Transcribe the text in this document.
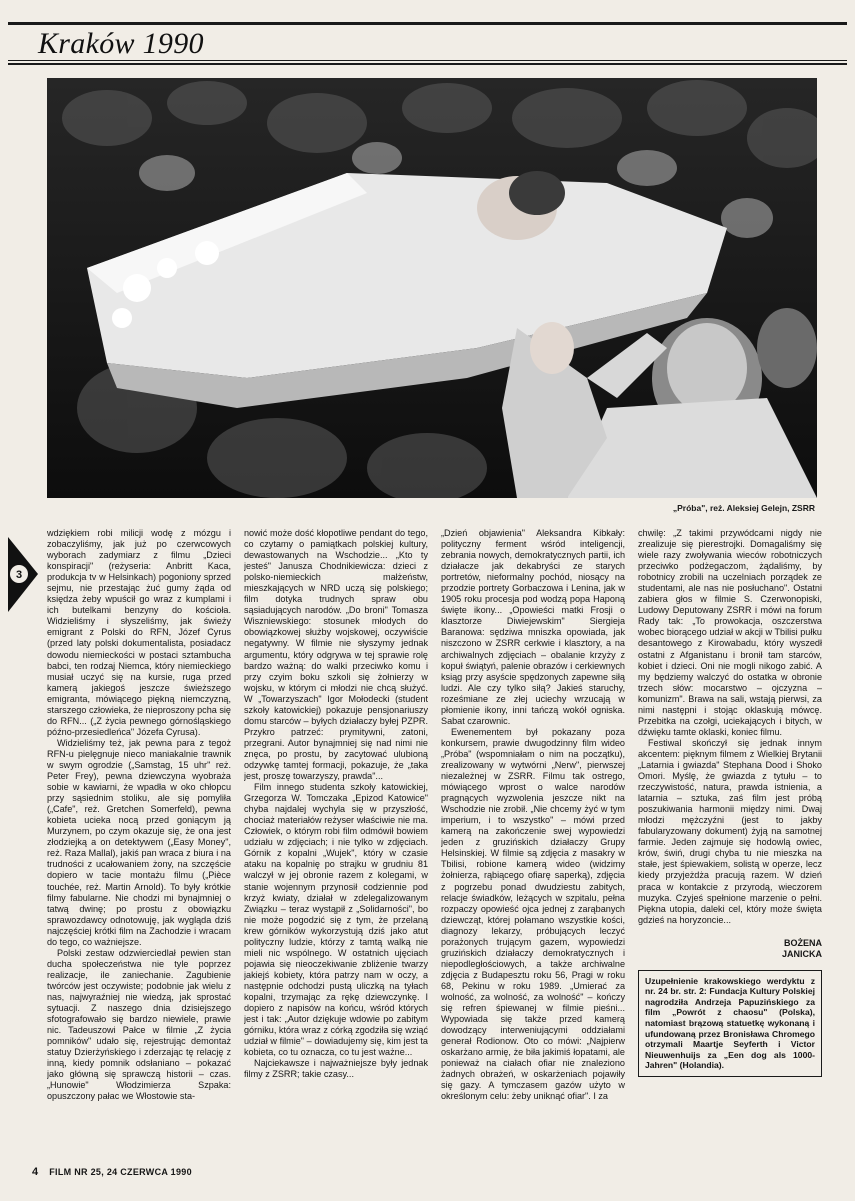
Kraków 1990
„Próba", reż. Aleksiej Gelejn, ZSRR
3

wdziękiem robi milicji wodę z mózgu i zobaczyliśmy, jak już po czerwcowych wyborach zadymiarz z filmu „Dzieci konspiracji" (reżyseria: Anbritt Kaca, produkcja tv w Helsinkach) pogoniony sprzed sejmu, nie przestając żuć gumy żąda od księdza żeby wpuścił go wraz z kumplami i ich butelkami benzyny do kościoła. Widzieliśmy i słyszeliśmy, jak świeży emigrant z Polski do RFN, Józef Cyrus (przed laty polski dokumentalista, posiadacz dowodu niemieckości w postaci sztambucha babci, ten rodzaj Niemca, który niemieckiego musiał uczyć się na kursie, ruga przed kamerą jakiegoś jeszcze świeższego emigranta, mówiącego piękną niemczyzną, starszego człowieka, że nieproszony pcha się do RFN... („Z życia pewnego górnośląskiego późno-przesiedleńca" Józefa Cyrusa).

Widzieliśmy też, jak pewna para z tegoż RFN-u pielęgnuje nieco maniakalnie trawnik w swym ogrodzie („Samstag, 15 uhr" reż. Peter Frey), pewna dziewczyna wyobraża sobie w kawiarni, że wpadła w oko chłopcu przy sąsiednim stoliku, ale się pomyliła („Cafe", reż. Gretchen Somerfeld), pewna kobieta ucieka nocą przed goniącym ją Murzynem, po czym okazuje się, że ona jest złodziejką a on detektywem („Easy Money", reż. Raza Mallal), jakiś pan wraca z biura i na trudności z ucałowaniem żony, na szczęście dopiero w tacie montażu filmu („Pièce touchée, reż. Martin Arnold). To były krótkie filmy fabularne. Nie chodzi mi bynajmniej o tatwą dwinę; po prostu z obowiązku sprawozdawcy odnotowuję, jak wygląda dziś najczęściej krótki film na Zachodzie i wracam do tego, co ważniejsze.

Polski zestaw odzwierciedlał pewien stan ducha społeczeństwa nie tyle poprzez realizacje, ile zaniechanie. Zagubienie twórców jest oczywiste; podobnie jak wielu z nas, najwyraźniej nie wiedzą, jak sprostać sytuacji. Z naszego dnia dzisiejszego sfotografowało się bardzo niewiele, prawie nic. Tadeuszowi Pałce w filmie „Z życia pomników" udało się, rejestrując demontaż statuy Dzierżyńskiego i zderzając tę relację z inną, kiedy pomnik odsłaniano – pokazać jako główną się sprawczą historii – czas. „Hunowie" Włodzimierza Szpaka: opuszczony pałac we Włostowie sta-

nowić może dość kłopotliwe pendant do tego, co czytamy o pamiątkach polskiej kultury, dewastowanych na Wschodzie... „Kto ty jesteś" Janusza Chodnikiewicza: dzieci z polsko-niemieckich małżeństw, mieszkających w NRD uczą się polskiego; film dotyka trudnych spraw obu sąsiadujących narodów. „Do broni" Tomasza Wiszniewskiego: stosunek młodych do obowiązkowej służby wojskowej, oczywiście negatywny. W filmie nie słyszymy jednak argumentu, który odgrywa w tej sprawie rolę bardzo ważną: do walki przeciwko komu i przy czyim boku szkoli się żołnierzy w wojsku, w którym ci młodzi nie chcą służyć. W „Towarzyszach" Igor Mołodecki (student szkoły katowickiej) pokazuje pensjonariuszy domu starców – byłych działaczy byłej PZPR. Przykro patrzeć: prymitywni, zatoni, przegrani. Autor bynajmniej się nad nimi nie znęca, po prostu, by zacytować ulubioną odzywkę tamtej formacji, pokazuje, że „taka jest, proszę towarzyszy, prawda"...

Film innego studenta szkoły katowickiej, Grzegorza W. Tomczaka „Epizod Katowice" chyba najdalej wychyla się w przyszłość, chociaż materiałów reżyser właściwie nie ma. Człowiek, o którym robi film odmówił bowiem udziału w zdjęciach; i nie tylko w zdjęciach. Górnik z kopalni „Wujek", który w czasie ataku na kopalnię po strajku w grudniu 81 walczył w jej obronie razem z kolegami, w stanie wojennym przynosił codziennie pod krzyż kwiaty, działał w zdelegalizowanym Związku – teraz wystąpił z „Solidarności", bo nie może pogodzić się z tym, że przelaną krew górników wykorzystują dziś jako atut polityczny ludzie, którzy z tamtą walką nie mieli nic wspólnego. W ostatnich ujęciach pojawia się nieoczekiwanie zbliżenie twarzy jakiejś kobiety, która patrzy nam w oczy, a następnie odchodzi pustą uliczką na tyłach kopalni, trzymając za rękę dziewczynkę. I dopiero z napisów na końcu, wśród których jest i tak: „Autor dziękuje wdowie po zabitym górniku, która wraz z córką zgodziła się wziąć udział w filmie" – dowiadujemy się, kim jest ta kobieta, co tu oznacza, co tu jest ważne...

Najciekawsze i najważniejsze były jednak filmy z ZSRR; takie czasy...

„Dzień objawienia" Aleksandra Kibkały: polityczny ferment wśród inteligencji, zebrania nowych, demokratycznych partii, ich działacze jak dekabryści ze starych portretów, nieformalny pochód, niosący na przodzie portrety Gorbaczowa i Lenina, jak w 1905 roku procesja pod wodzą popa Haponą święte ikony... „Opowieści matki Frosji o klasztorze Diwiejewskim" Siergieja Baranowa: sędziwa mniszka opowiada, jak niszczono w ZSRR cerkwie i klasztory, a na archiwalnych zdjęciach – obalanie krzyży z kopuł świątyń, palenie obrazów i cerkiewnych ksiąg przy asyście spędzonych zapewne siłą ludzi. Ale czy tylko siłą? Jakieś staruchy, roześmiane ze złej uciechy wrzucają w płomienie ikony, inni tańczą wokół ogniska. Sabat czarownic.

Ewenementem był pokazany poza konkursem, prawie dwugodzinny film wideo „Próba" (wspomniałam o nim na początku), zrealizowany w wytwórni „Nerw", pierwszej niezależnej w ZSRR. Filmu tak ostrego, mówiącego wprost o walce narodów pragnących wyzwolenia jeszcze nikt na Wschodzie nie zrobił. „Nie chcemy żyć w tym imperium, i to wszystko" – mówi przed kamerą na zakończenie swej wypowiedzi jeden z gruzińskich działaczy Grupy Helsinskiej. W filmie są zdjęcia z masakry w Tbilisi, robione kamerą wideo (widzimy żołnierza, rąbiącego ofiarę saperką), zdjęcia z pogrzebu ponad dwudziestu zabitych, relacje świadków, leżących w szpitalu, pełna rozpaczy opowieść ojca jednej z zarąbanych dziewcząt, której połamano wszystkie kości, diagnozy lekarzy, próbujących leczyć porażonych trującym gazem, wypowiedzi gruzińskich działaczy demokratycznych i niepodległościowych, a także archiwalne zdjęcia z Budapesztu roku 56, Pragi w roku 68, Pekinu w roku 1989. „Umierać za wolność, za wolność, za wolność" – kończy się refren śpiewanej w filmie pieśni... Wypowiada się także przed kamerą dowodzący interweniującymi oddziałami generał Rodionow. Oto co mówi: „Najpierw oskarżano armię, że biła jakimiś łopatami, ale ponieważ na ciałach ofiar nie znaleziono żadnych obrażeń, w oskarżeniach pojawiły się gazy. A tymczasem gazów użyto w określonym celu: żeby uniknąć ofiar". I za

chwilę: „Z takimi przywódcami nigdy nie zrealizuje się pierestrojki. Domagaliśmy się wiele razy zwoływania wieców robotniczych przeciwko podżegaczom, żądaliśmy, by robotnicy zrobili na uczelniach porządek ze studentami, ale nas nie posłuchano". Ostatni zabiera głos w filmie S. Czerwonopiski, Ludowy Deputowany ZSRR i mówi na forum Rady tak: „To prowokacja, oszczerstwa wobec biorącego udział w akcji w Tbilisi pułku desantowego z Kirowabadu, który wyszedł ostatni z Afganistanu i bronił tam starców, kobiet i dzieci. Oni nie mogli nikogo zabić. A my będziemy walczyć do ostatka w obronie trzech słów: mocarstwo – ojczyzna – komunizm". Brawa na sali, wstają pierwsi, za nimi następni i stojąc oklaskują mówcę. Przebitka na czołgi, uciekających i bitych, w dźwięku tamte oklaski, koniec filmu.

Festiwal skończył się jednak innym akcentem: pięknym filmem z Wielkiej Brytanii „Latarnia i gwiazda" Stephana Dood i Shoko Omori. Myślę, że gwiazda z tytułu – to rzeczywistość, natura, prawda istnienia, a latarnia – sztuka, zaś film jest próbą poszukiwania harmonii między nimi. Dwaj młodzi mężczyźni (jest to jakby fabularyzowany dokument) żyją na samotnej farmie. Jeden zajmuje się hodowlą owiec, krów, świń, drugi chyba tu nie mieszka na stałe, jest śpiewakiem, solistą w operze, lecz kiedy przyjeżdża pracują razem. W dzień praca w kontakcie z przyrodą, wieczorem muzyka. Czyjeś spełnione marzenie o pełni. Piękna utopia, daleki cel, który może święta gdzieś na horyzoncie...

BOŻENA
JANICKA
Uzupełnienie krakowskiego werdyktu z nr. 24 br. str. 2: Fundacja Kultury Polskiej nagrodziła Andrzeja Papuzińskiego za film „Powrót z chaosu" (Polska), natomiast brązową statuetkę wykonaną i ufundowaną przez Bronisława Chromego otrzymali Maartje Seyferth i Victor Nieuwenhuijs za „Een dog als 1000-Jahren" (Holandia).
4 FILM NR 25, 24 CZERWCA 1990
